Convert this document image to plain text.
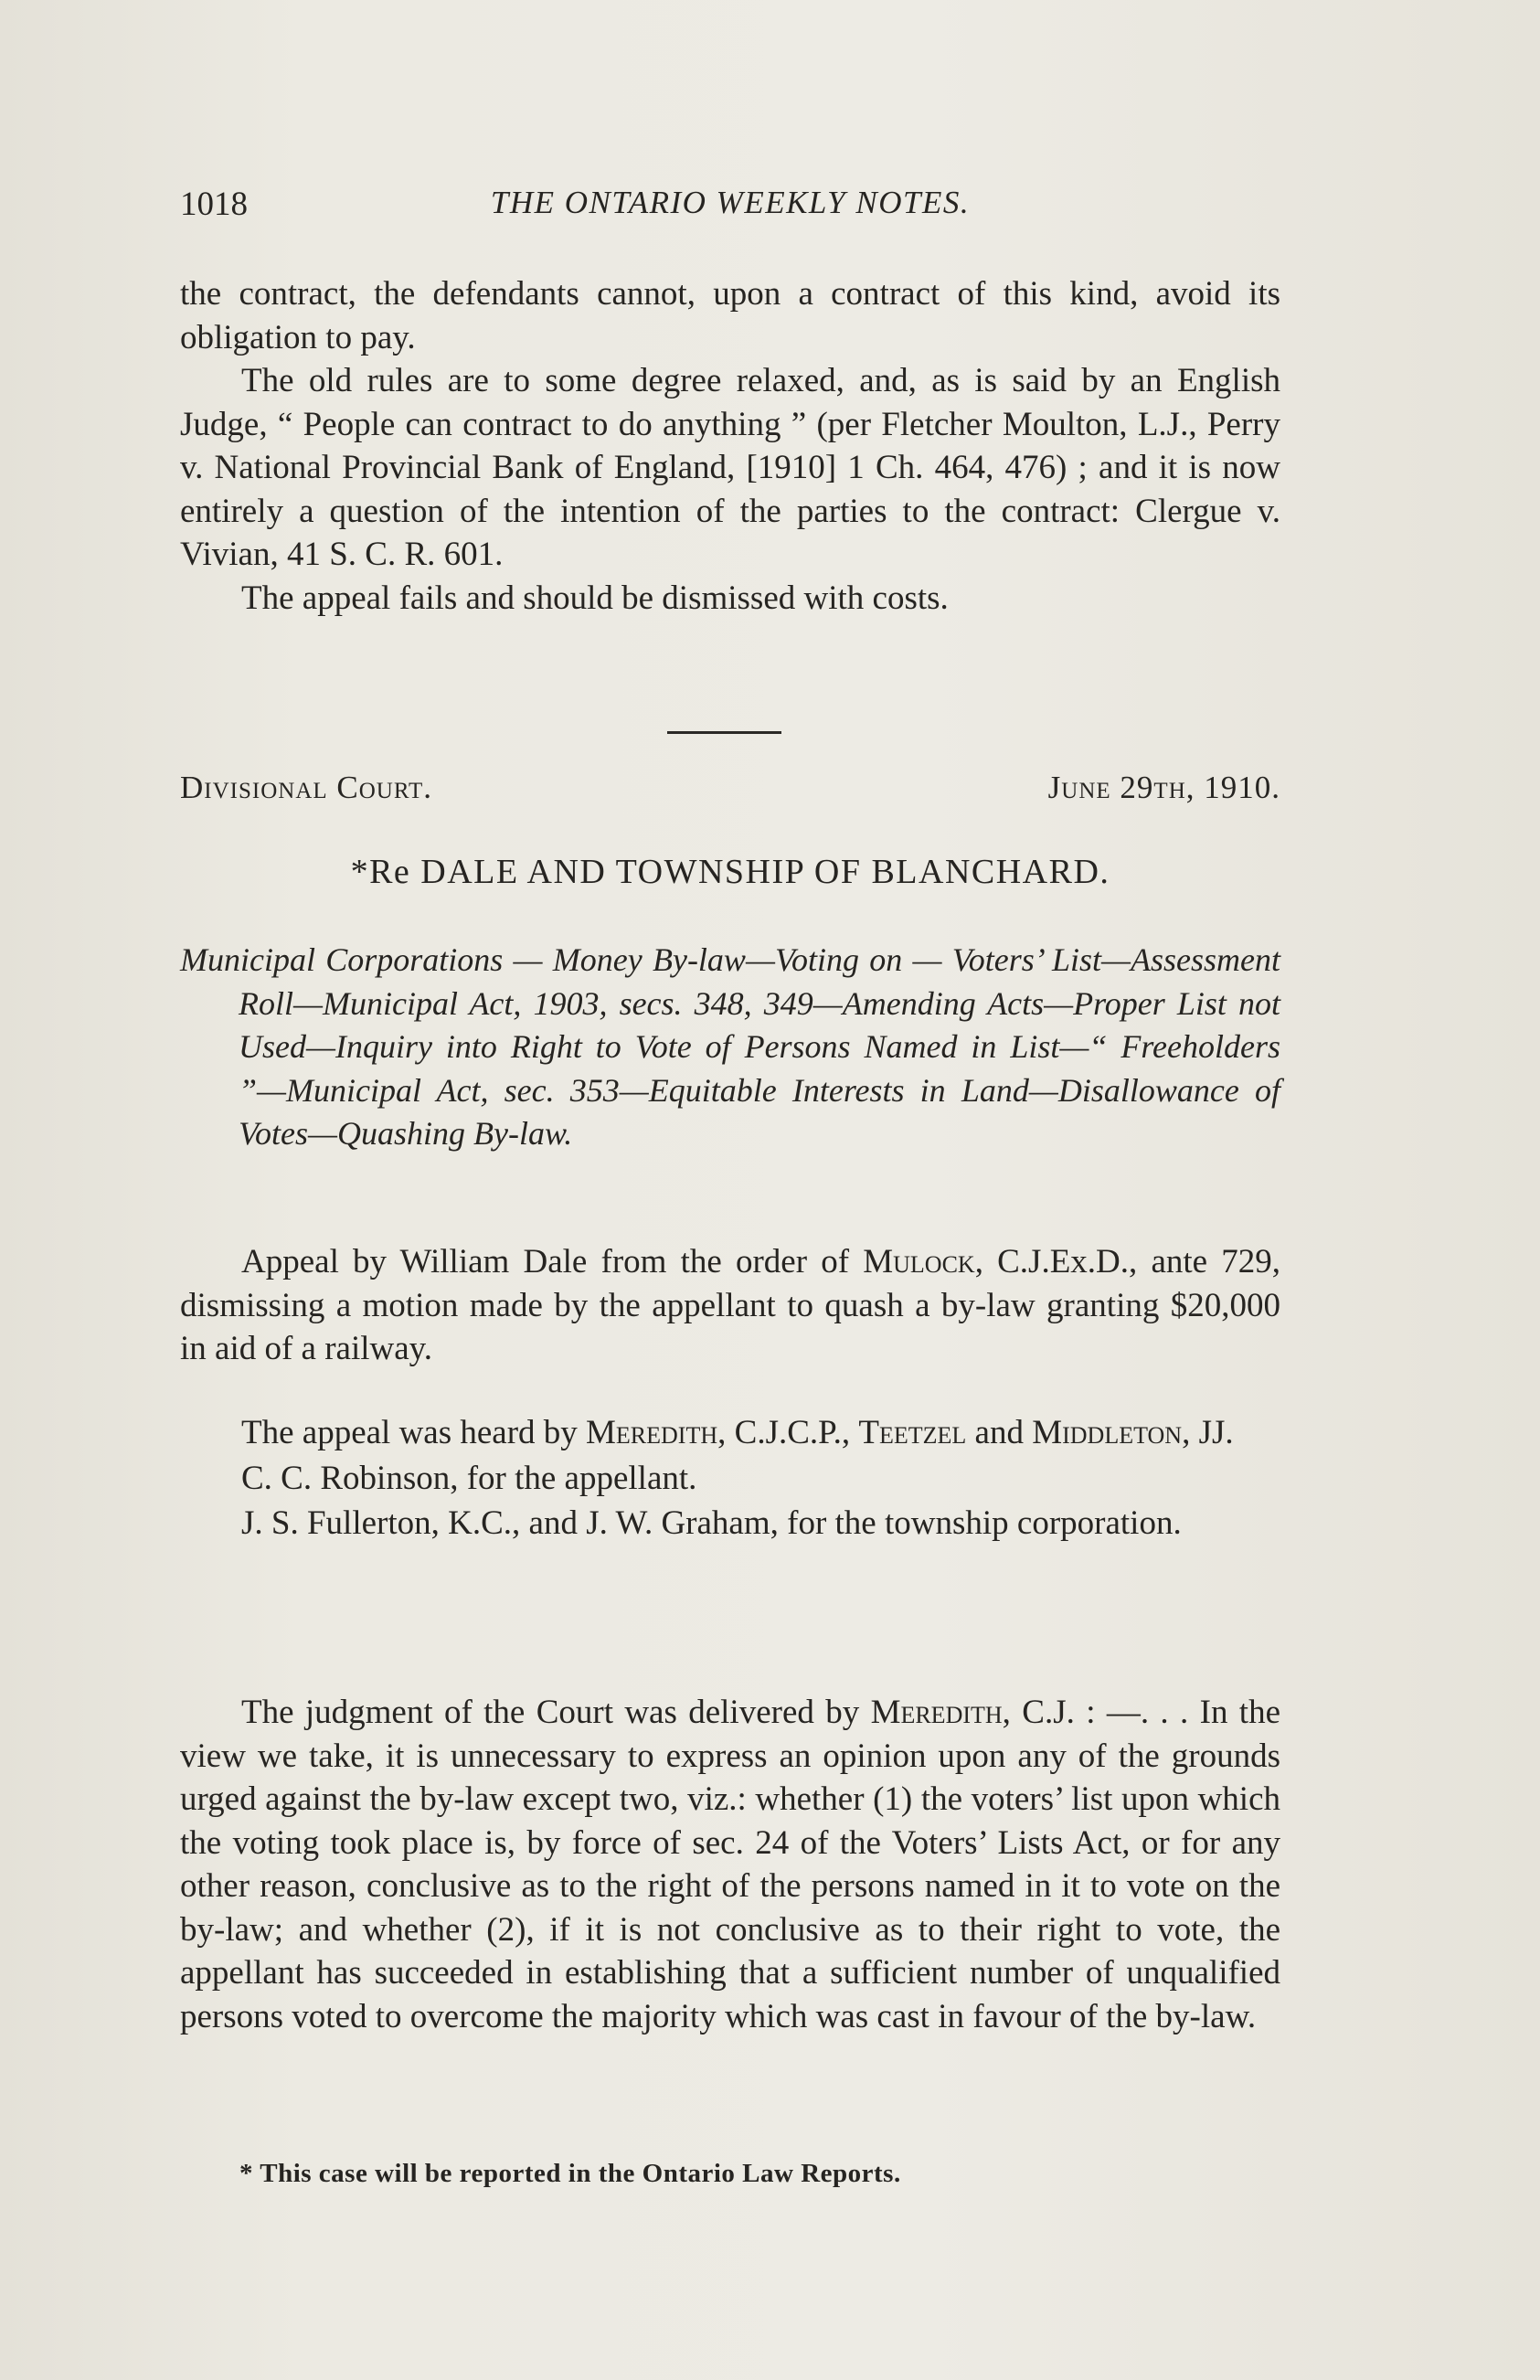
1018	THE ONTARIO WEEKLY NOTES.

the contract, the defendants cannot, upon a contract of this kind, avoid its obligation to pay.

The old rules are to some degree relaxed, and, as is said by an English Judge, “ People can contract to do anything ” (per Fletcher Moulton, L.J., Perry v. National Provincial Bank of England, [1910] 1 Ch. 464, 476) ; and it is now entirely a question of the intention of the parties to the contract: Clergue v. Vivian, 41 S. C. R. 601.

The appeal fails and should be dismissed with costs.

Divisional Court.	June 29th, 1910.
*Re DALE AND TOWNSHIP OF BLANCHARD.

Municipal Corporations — Money By-law—Voting on — Voters’ List—Assessment Roll—Municipal Act, 1903, secs. 348, 349—Amending Acts—Proper List not Used—Inquiry into Right to Vote of Persons Named in List—“ Freeholders ”—Municipal Act, sec. 353—Equitable Interests in Land—Disallowance of Votes—Quashing By-law.

Appeal by William Dale from the order of Mulock, C.J.Ex.D., ante 729, dismissing a motion made by the appellant to quash a by-law granting $20,000 in aid of a railway.

The appeal was heard by Meredith, C.J.C.P., Teetzel and Middleton, JJ.

C. C. Robinson, for the appellant.

J. S. Fullerton, K.C., and J. W. Graham, for the township corporation.

The judgment of the Court was delivered by Meredith, C.J. : —. . . In the view we take, it is unnecessary to express an opinion upon any of the grounds urged against the by-law except two, viz.: whether (1) the voters’ list upon which the voting took place is, by force of sec. 24 of the Voters’ Lists Act, or for any other reason, conclusive as to the right of the persons named in it to vote on the by-law; and whether (2), if it is not conclusive as to their right to vote, the appellant has succeeded in establishing that a sufficient number of unqualified persons voted to overcome the majority which was cast in favour of the by-law.

* This case will be reported in the Ontario Law Reports.
